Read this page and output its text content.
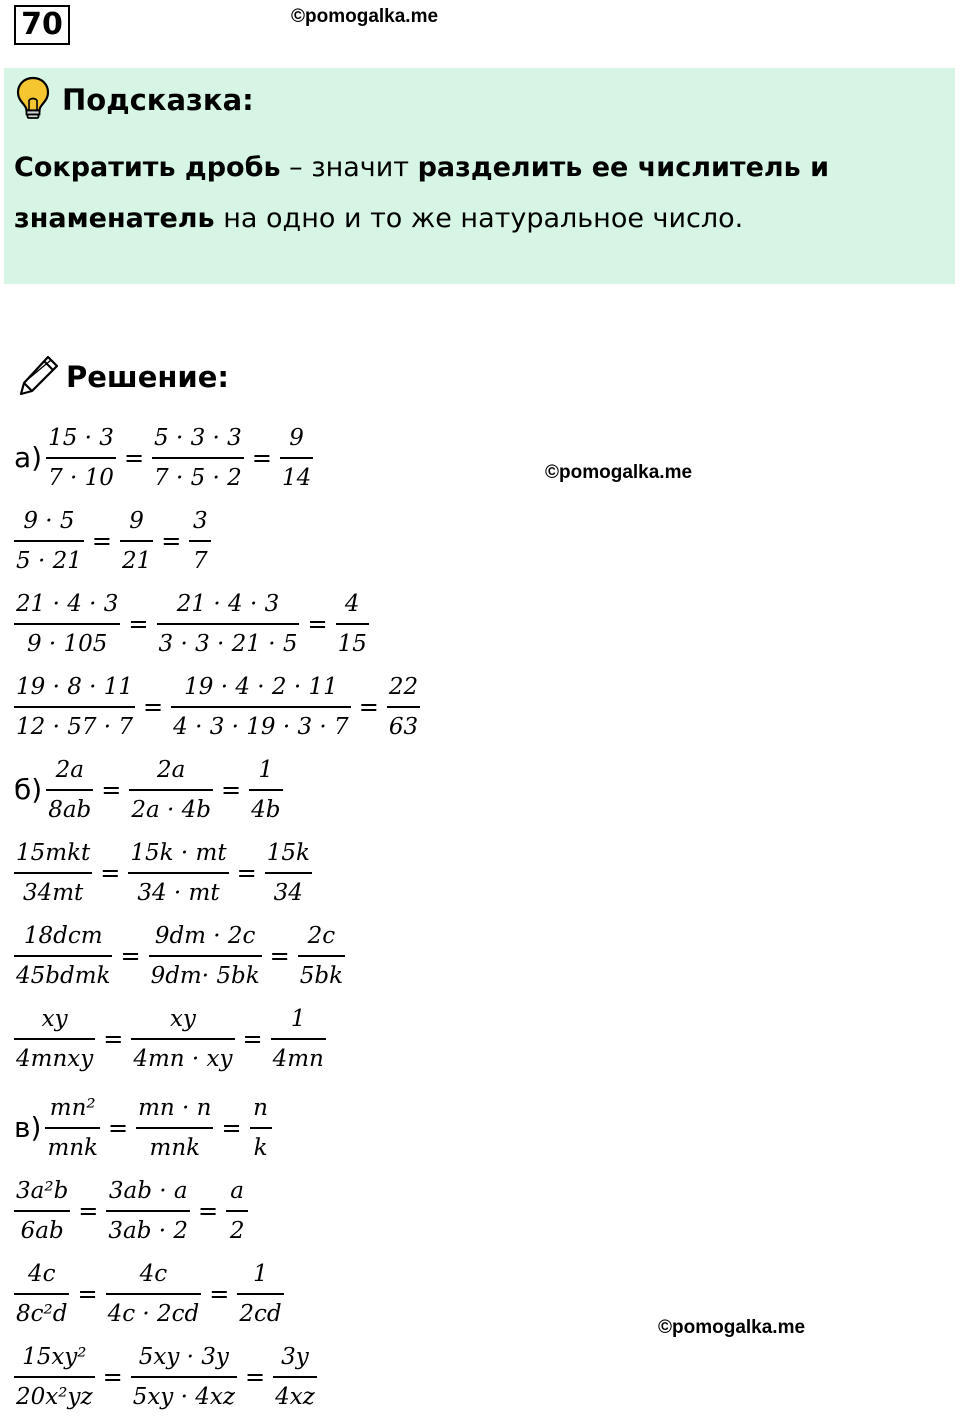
70	©pomogalka.me
©pomogalka.me
©pomogalka.me
Подсказка:
Сократить дробь – значит разделить ее числитель и знаменатель на одно и то же натуральное число.
Решение:
$а) \frac{15 \cdot 3}{7 \cdot 10} = \frac{5 \cdot 3 \cdot 3}{7 \cdot 5 \cdot 2} = \frac{9}{14}$
$\frac{9 \cdot 5}{5 \cdot 21} = \frac{9}{21} = \frac{3}{7}$
$\frac{21 \cdot 4 \cdot 3}{9 \cdot 105} = \frac{21 \cdot 4 \cdot 3}{3 \cdot 3 \cdot 21 \cdot 5} = \frac{4}{15}$
$\frac{19 \cdot 8 \cdot 11}{12 \cdot 57 \cdot 7} = \frac{19 \cdot 4 \cdot 2 \cdot 11}{4 \cdot 3 \cdot 19 \cdot 3 \cdot 7} = \frac{22}{63}$
$б) \frac{2a}{8ab} = \frac{2a}{2a \cdot 4b} = \frac{1}{4b}$
$\frac{\text{15mkt}}{34mt} = \frac{15k \cdot mt}{34 \cdot mt} = \frac{15k}{34}$
$\frac{\text{18dcm}}{\text{45bdmk}} = \frac{9dm \cdot 2c}{9dm\cdot 5bk} = \frac{2c}{5bk}$
$\frac{xy}{\text{4mnxy}} = \frac{xy}{4mn \cdot xy} = \frac{1}{4mn}$
$в) \frac{\text{mn²}}{\text{mnk}} = \frac{mn \cdot n}{\text{mnk}} = \frac{n}{k}$
$\frac{\text{3a²b}}{6ab} = \frac{3ab \cdot a}{3ab \cdot 2} = \frac{a}{2}$
$\frac{4c}{\text{8c²d}} = \frac{4c}{4c \cdot 2cd} = \frac{1}{2cd}$
$\frac{\text{15xy²}}{\text{20x²yz}} = \frac{5xy \cdot 3y}{5xy \cdot 4xz} = \frac{3y}{4xz}$
